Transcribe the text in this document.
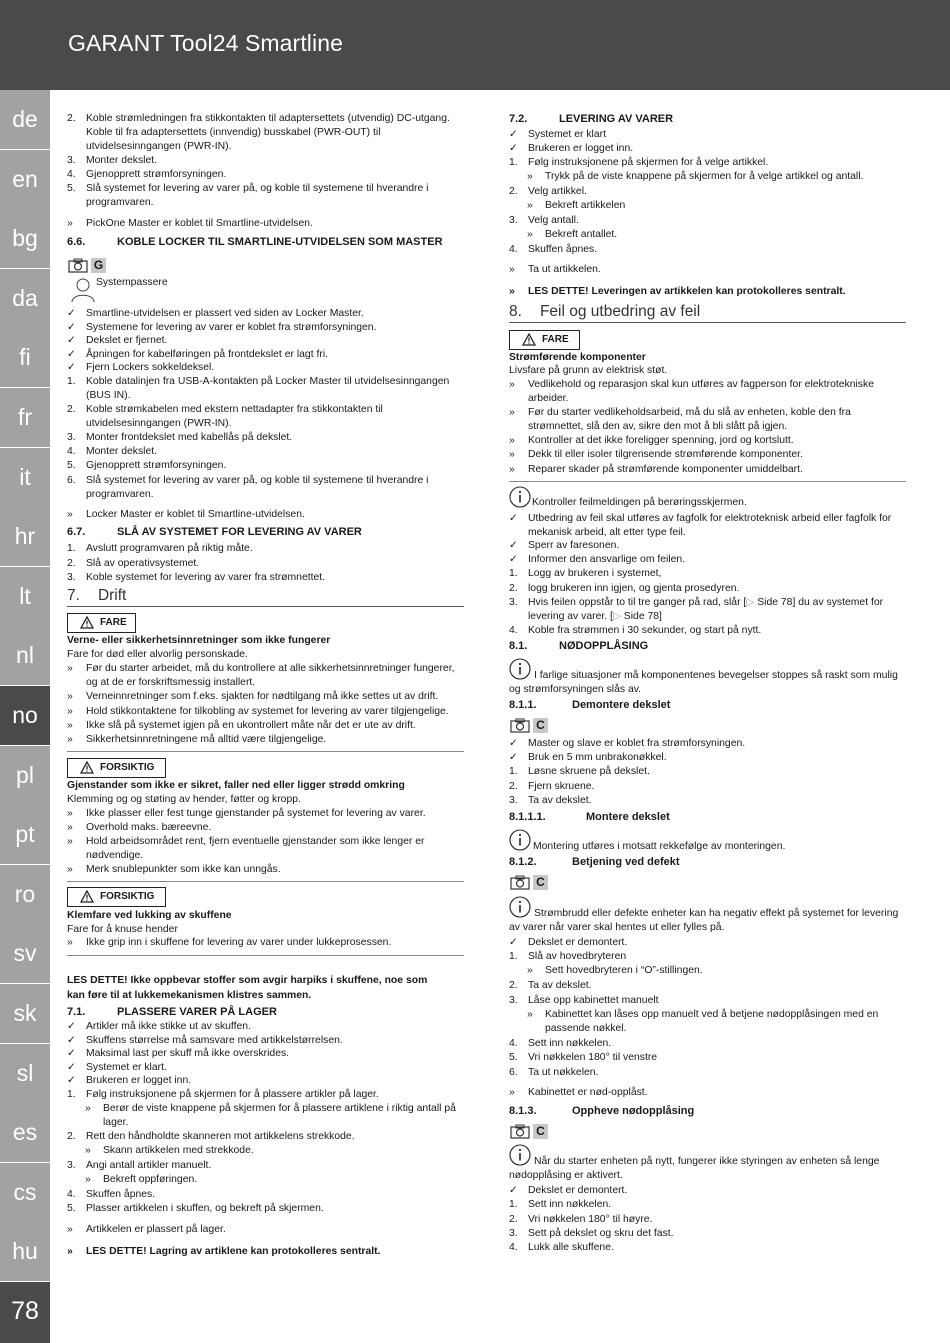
GARANT Tool24 Smartline
de
en
bg
da
fi
fr
it
hr
lt
nl
no
pl
pt
ro
sv
sk
sl
es
cs
hu
78
2. Koble strømledningen fra stikkontakten til adaptersettets (utvendig) DC-utgang.
Koble til fra adaptersettets (innvendig) busskabel (PWR-OUT) til
utvidelsesinngangen (PWR-IN).
3. Monter dekslet.
4. Gjenopprett strømforsyningen.
5. Slå systemet for levering av varer på, og koble til systemene til hverandre i
programvaren.
» PickOne Master er koblet til Smartline-utvidelsen.
6.6.	KOBLE LOCKER TIL SMARTLINE-UTVIDELSEN SOM MASTER
G
Systempassere
✓ Smartline-utvidelsen er plassert ved siden av Locker Master.
✓ Systemene for levering av varer er koblet fra strømforsyningen.
✓ Dekslet er fjernet.
✓ Åpningen for kabelføringen på frontdekslet er lagt fri.
✓ Fjern Lockers sokkeldeksel.
1. Koble datalinjen fra USB-A-kontakten på Locker Master til utvidelsesinngangen
(BUS IN).
2. Koble strømkabelen med ekstern nettadapter fra stikkontakten til
utvidelsesinngangen (PWR-IN).
3. Monter frontdekslet med kabellås på dekslet.
4. Monter dekslet.
5. Gjenopprett strømforsyningen.
6. Slå systemet for levering av varer på, og koble til systemene til hverandre i
programvaren.
» Locker Master er koblet til Smartline-utvidelsen.
6.7.	SLÅ AV SYSTEMET FOR LEVERING AV VARER
1. Avslutt programvaren på riktig måte.
2. Slå av operativsystemet.
3. Koble systemet for levering av varer fra strømnettet.
7. Drift
FARE
Verne- eller sikkerhetsinnretninger som ikke fungerer
Fare for død eller alvorlig personskade.
» Før du starter arbeidet, må du kontrollere at alle sikkerhetsinnretninger fungerer,
og at de er forskriftsmessig installert.
» Verneinnretninger som f.eks. sjakten for nødtilgang må ikke settes ut av drift.
» Hold stikkontaktene for tilkobling av systemet for levering av varer tilgjengelige.
» Ikke slå på systemet igjen på en ukontrollert måte når det er ute av drift.
» Sikkerhetsinnretningene må alltid være tilgjengelige.
FORSIKTIG
Gjenstander som ikke er sikret, faller ned eller ligger strødd omkring
Klemming og og støting av hender, føtter og kropp.
» Ikke plasser eller fest tunge gjenstander på systemet for levering av varer.
» Overhold maks. bæreevne.
» Hold arbeidsområdet rent, fjern eventuelle gjenstander som ikke lenger er
nødvendige.
» Merk snublepunkter som ikke kan unngås.
FORSIKTIG
Klemfare ved lukking av skuffene
Fare for å knuse hender
» Ikke grip inn i skuffene for levering av varer under lukkeprosessen.
LES DETTE! Ikke oppbevar stoffer som avgir harpiks i skuffene, noe som
kan føre til at lukkemekanismen klistres sammen.
7.1.	PLASSERE VARER PÅ LAGER
✓ Artikler må ikke stikke ut av skuffen.
✓ Skuffens størrelse må samsvare med artikkelstørrelsen.
✓ Maksimal last per skuff må ikke overskrides.
✓ Systemet er klart.
✓ Brukeren er logget inn.
1. Følg instruksjonene på skjermen for å plassere artikler på lager.
» Berør de viste knappene på skjermen for å plassere artiklene i riktig antall på
lager.
2. Rett den håndholdte skanneren mot artikkelens strekkode.
» Skann artikkelen med strekkode.
3. Angi antall artikler manuelt.
» Bekreft oppføringen.
4. Skuffen åpnes.
5. Plasser artikkelen i skuffen, og bekreft på skjermen.
» Artikkelen er plassert på lager.
» LES DETTE! Lagring av artiklene kan protokolleres sentralt.
7.2.	LEVERING AV VARER
✓ Systemet er klart
✓ Brukeren er logget inn.
1. Følg instruksjonene på skjermen for å velge artikkel.
» Trykk på de viste knappene på skjermen for å velge artikkel og antall.
2. Velg artikkel.
» Bekreft artikkelen
3. Velg antall.
» Bekreft antallet.
4. Skuffen åpnes.
» Ta ut artikkelen.
» LES DETTE! Leveringen av artikkelen kan protokolleres sentralt.
8. Feil og utbedring av feil
FARE
Strømførende komponenter
Livsfare på grunn av elektrisk støt.
» Vedlikehold og reparasjon skal kun utføres av fagperson for elektrotekniske
arbeider.
» Før du starter vedlikeholdsarbeid, må du slå av enheten, koble den fra
strømnettet, slå den av, sikre den mot å bli slått på igjen.
» Kontroller at det ikke foreligger spenning, jord og kortslutt.
» Dekk til eller isoler tilgrensende strømførende komponenter.
» Reparer skader på strømførende komponenter umiddelbart.
Kontroller feilmeldingen på berøringsskjermen.
✓ Utbedring av feil skal utføres av fagfolk for elektroteknisk arbeid eller fagfolk for
mekanisk arbeid, alt etter type feil.
✓ Sperr av faresonen.
✓ Informer den ansvarlige om feilen.
1. Logg av brukeren i systemet,
2. logg brukeren inn igjen, og gjenta prosedyren.
3. Hvis feilen oppstår to til tre ganger på rad, slår [▷ Side 78] du av systemet for
levering av varer. [▷ Side 78]
4. Koble fra strømmen i 30 sekunder, og start på nytt.
8.1.	NØDOPPLÅSING
I farlige situasjoner må komponentenes bevegelser stoppes så raskt som mulig
og strømforsyningen slås av.
8.1.1.	Demontere dekslet
C
✓ Master og slave er koblet fra strømforsyningen.
✓ Bruk en 5 mm unbrakonøkkel.
1. Løsne skruene på dekslet.
2. Fjern skruene.
3. Ta av dekslet.
8.1.1.1.	Montere dekslet
Montering utføres i motsatt rekkefølge av monteringen.
8.1.2.	Betjening ved defekt
C
Strømbrudd eller defekte enheter kan ha negativ effekt på systemet for levering
av varer når varer skal hentes ut eller fylles på.
✓ Dekslet er demontert.
1. Slå av hovedbryteren
» Sett hovedbryteren i “O”-stillingen.
2. Ta av dekslet.
3. Låse opp kabinettet manuelt
» Kabinettet kan låses opp manuelt ved å betjene nødopplåsingen med en
passende nøkkel.
4. Sett inn nøkkelen.
5. Vri nøkkelen 180° til venstre
6. Ta ut nøkkelen.
» Kabinettet er nød-opplåst.
8.1.3.	Oppheve nødopplåsing
C
Når du starter enheten på nytt, fungerer ikke styringen av enheten så lenge
nødopplåsing er aktivert.
✓ Dekslet er demontert.
1. Sett inn nøkkelen.
2. Vri nøkkelen 180° til høyre.
3. Sett på dekslet og skru det fast.
4. Lukk alle skuffene.
